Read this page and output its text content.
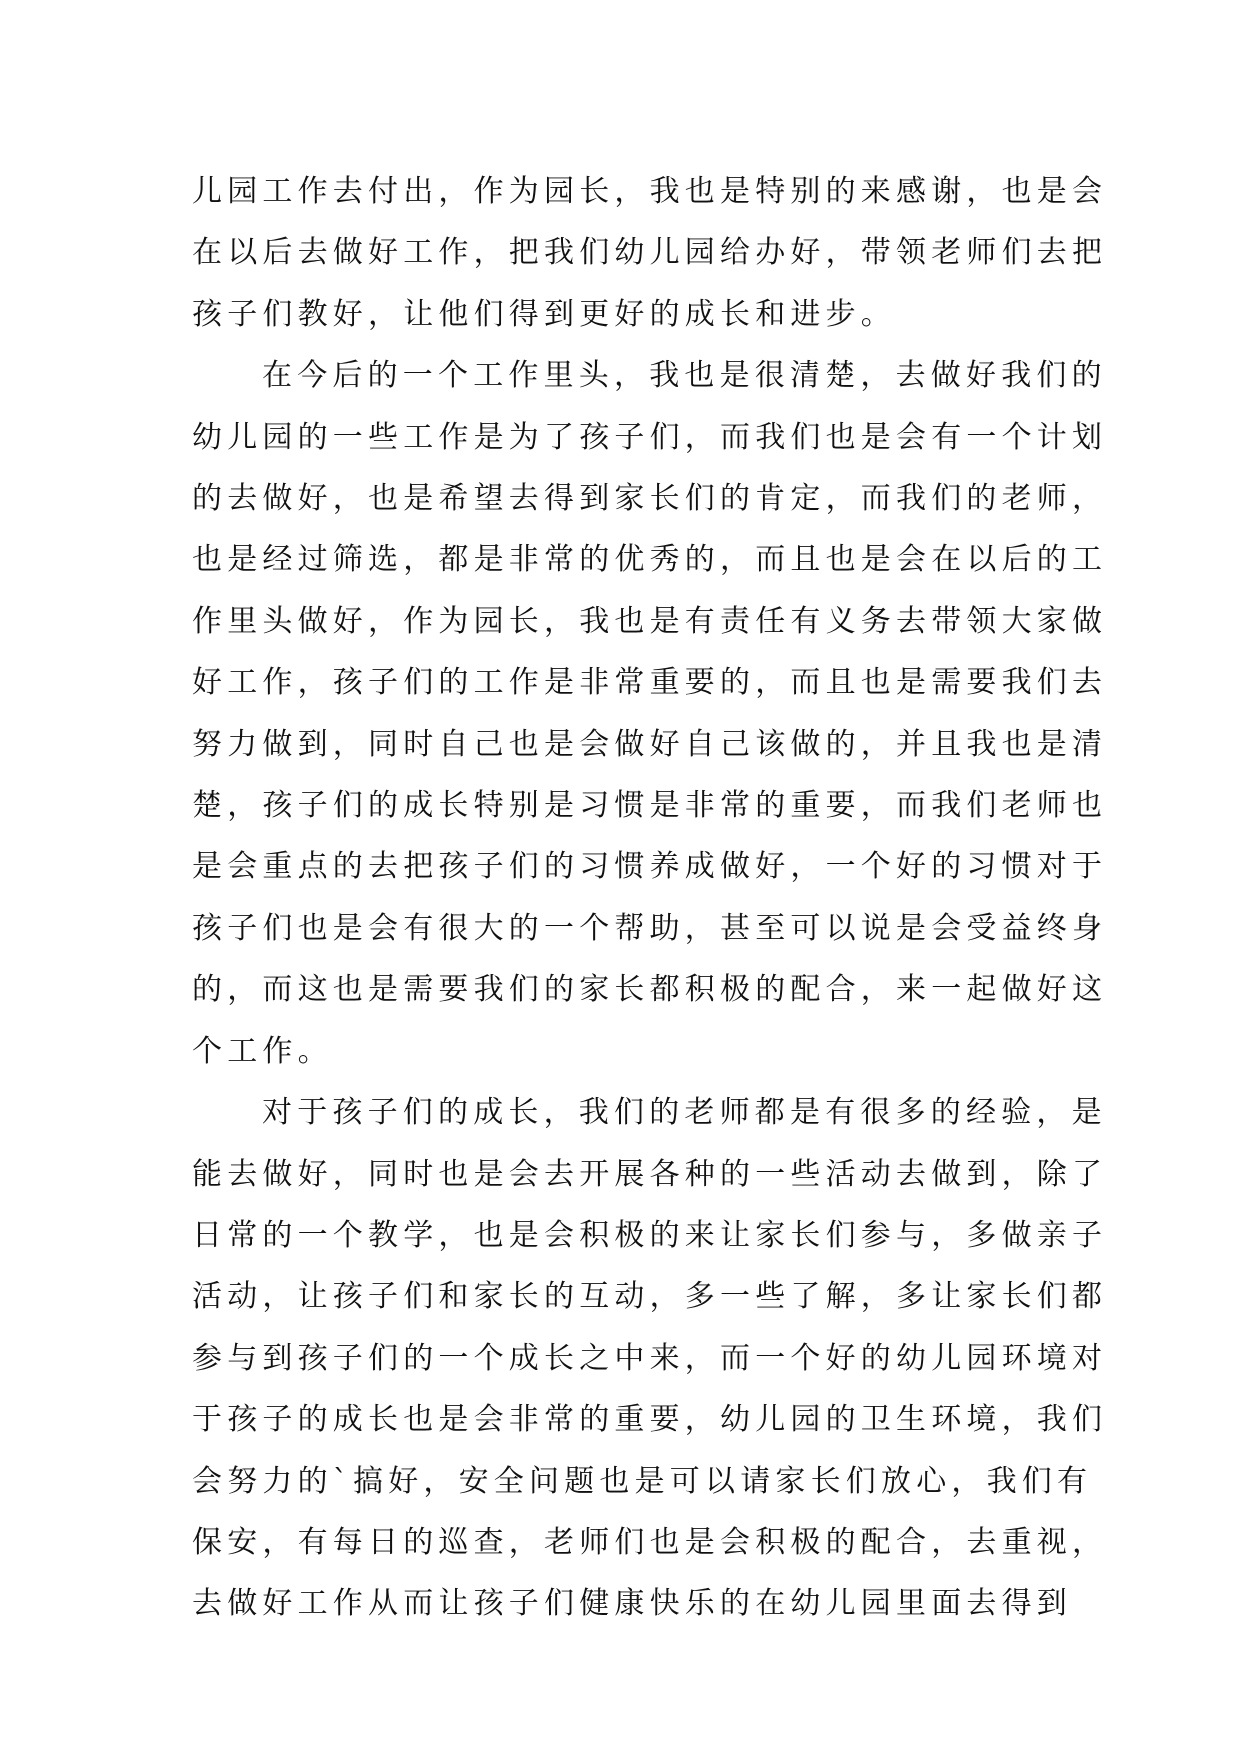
儿园工作去付出，作为园长，我也是特别的来感谢，也是会
在以后去做好工作，把我们幼儿园给办好，带领老师们去把
孩子们教好，让他们得到更好的成长和进步。

在今后的一个工作里头，我也是很清楚，去做好我们的
幼儿园的一些工作是为了孩子们，而我们也是会有一个计划
的去做好，也是希望去得到家长们的肯定，而我们的老师，
也是经过筛选，都是非常的优秀的，而且也是会在以后的工
作里头做好，作为园长，我也是有责任有义务去带领大家做
好工作，孩子们的工作是非常重要的，而且也是需要我们去
努力做到，同时自己也是会做好自己该做的，并且我也是清
楚，孩子们的成长特别是习惯是非常的重要，而我们老师也
是会重点的去把孩子们的习惯养成做好，一个好的习惯对于
孩子们也是会有很大的一个帮助，甚至可以说是会受益终身
的，而这也是需要我们的家长都积极的配合，来一起做好这
个工作。

对于孩子们的成长，我们的老师都是有很多的经验，是
能去做好，同时也是会去开展各种的一些活动去做到，除了
日常的一个教学，也是会积极的来让家长们参与，多做亲子
活动，让孩子们和家长的互动，多一些了解，多让家长们都
参与到孩子们的一个成长之中来，而一个好的幼儿园环境对
于孩子的成长也是会非常的重要，幼儿园的卫生环境，我们
会努力的`搞好，安全问题也是可以请家长们放心，我们有
保安，有每日的巡查，老师们也是会积极的配合，去重视，
去做好工作从而让孩子们健康快乐的在幼儿园里面去得到
